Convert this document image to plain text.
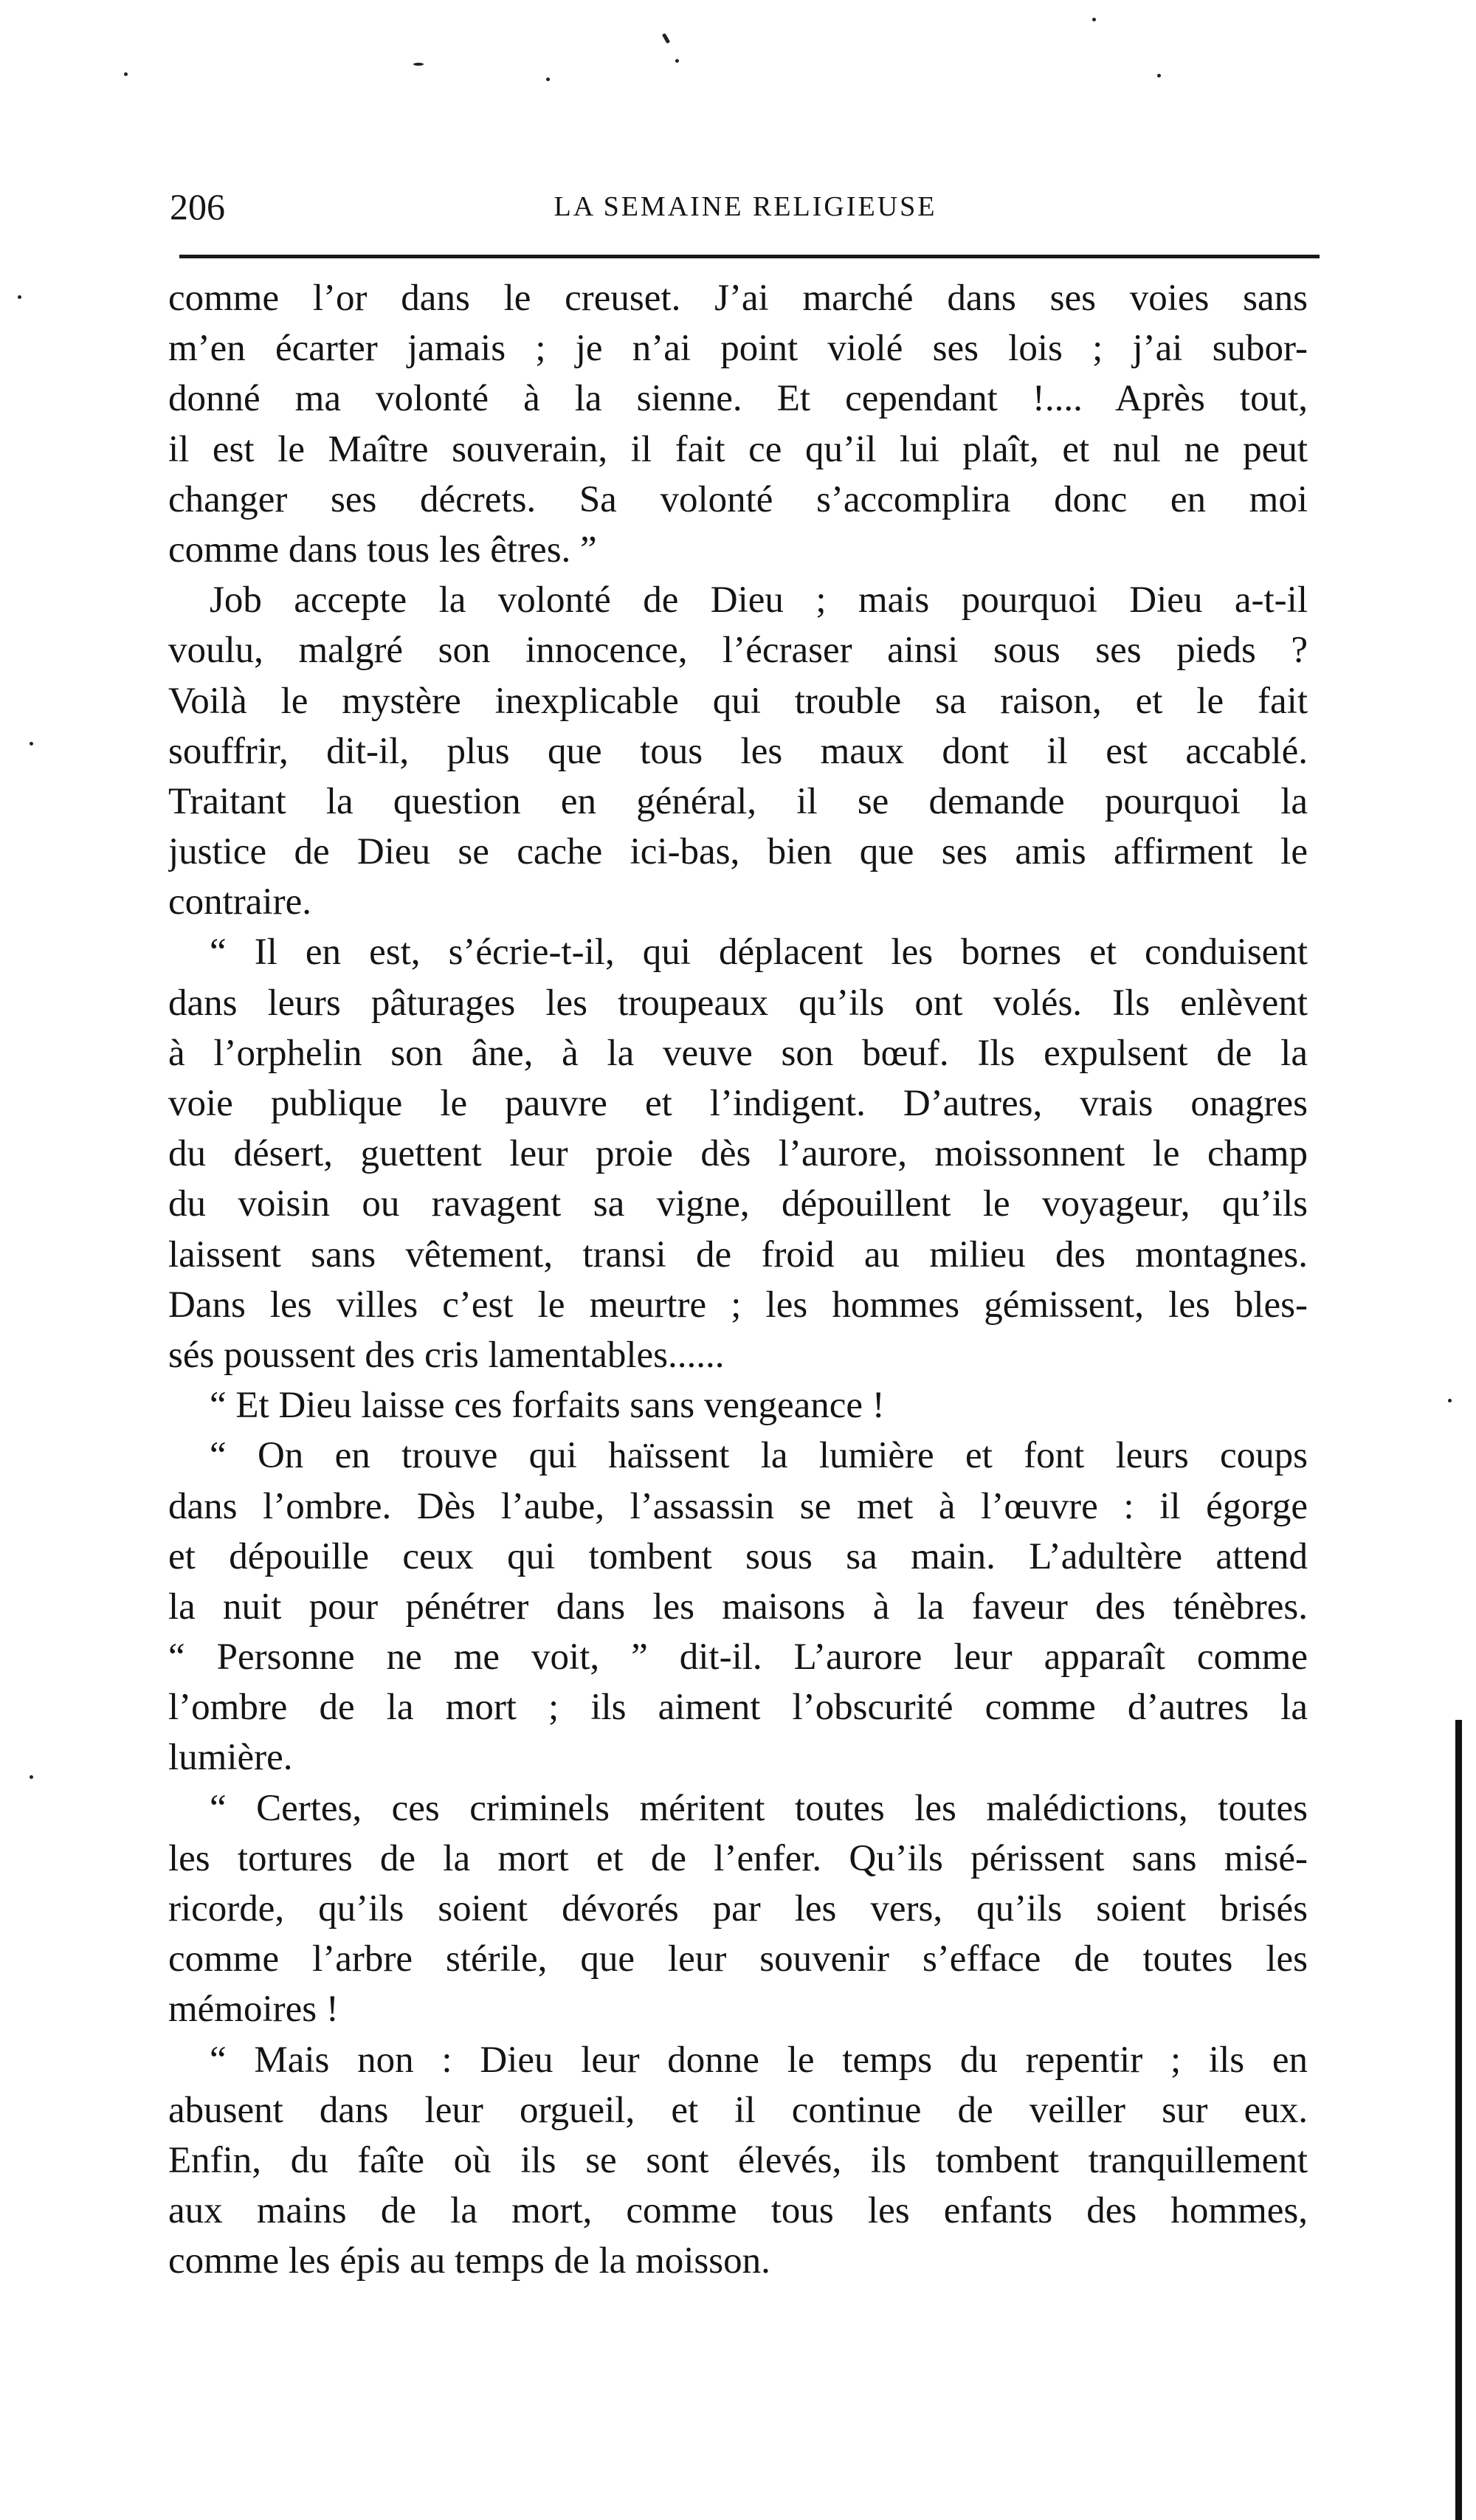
206	LA SEMAINE RELIGIEUSE
comme l’or dans le creuset. J’ai marché dans ses voies sans
m’en écarter jamais ; je n’ai point violé ses lois ; j’ai subor-
donné ma volonté à la sienne. Et cependant !.... Après tout,
il est le Maître souverain, il fait ce qu’il lui plaît, et nul ne peut
changer ses décrets. Sa volonté s’accomplira donc en moi
comme dans tous les êtres. ”
Job accepte la volonté de Dieu ; mais pourquoi Dieu a-t-il
voulu, malgré son innocence, l’écraser ainsi sous ses pieds ?
Voilà le mystère inexplicable qui trouble sa raison, et le fait
souffrir, dit-il, plus que tous les maux dont il est accablé.
Traitant la question en général, il se demande pourquoi la
justice de Dieu se cache ici-bas, bien que ses amis affirment le
contraire.
“ Il en est, s’écrie-t-il, qui déplacent les bornes et conduisent
dans leurs pâturages les troupeaux qu’ils ont volés. Ils enlèvent
à l’orphelin son âne, à la veuve son bœuf. Ils expulsent de la
voie publique le pauvre et l’indigent. D’autres, vrais onagres
du désert, guettent leur proie dès l’aurore, moissonnent le champ
du voisin ou ravagent sa vigne, dépouillent le voyageur, qu’ils
laissent sans vêtement, transi de froid au milieu des montagnes.
Dans les villes c’est le meurtre ; les hommes gémissent, les bles-
sés poussent des cris lamentables......
“ Et Dieu laisse ces forfaits sans vengeance !
“ On en trouve qui haïssent la lumière et font leurs coups
dans l’ombre. Dès l’aube, l’assassin se met à l’œuvre : il égorge
et dépouille ceux qui tombent sous sa main. L’adultère attend
la nuit pour pénétrer dans les maisons à la faveur des ténèbres.
“ Personne ne me voit, ” dit-il. L’aurore leur apparaît comme
l’ombre de la mort ; ils aiment l’obscurité comme d’autres la
lumière.
“ Certes, ces criminels méritent toutes les malédictions, toutes
les tortures de la mort et de l’enfer. Qu’ils périssent sans misé-
ricorde, qu’ils soient dévorés par les vers, qu’ils soient brisés
comme l’arbre stérile, que leur souvenir s’efface de toutes les
mémoires !
“ Mais non : Dieu leur donne le temps du repentir ; ils en
abusent dans leur orgueil, et il continue de veiller sur eux.
Enfin, du faîte où ils se sont élevés, ils tombent tranquillement
aux mains de la mort, comme tous les enfants des hommes,
comme les épis au temps de la moisson.
